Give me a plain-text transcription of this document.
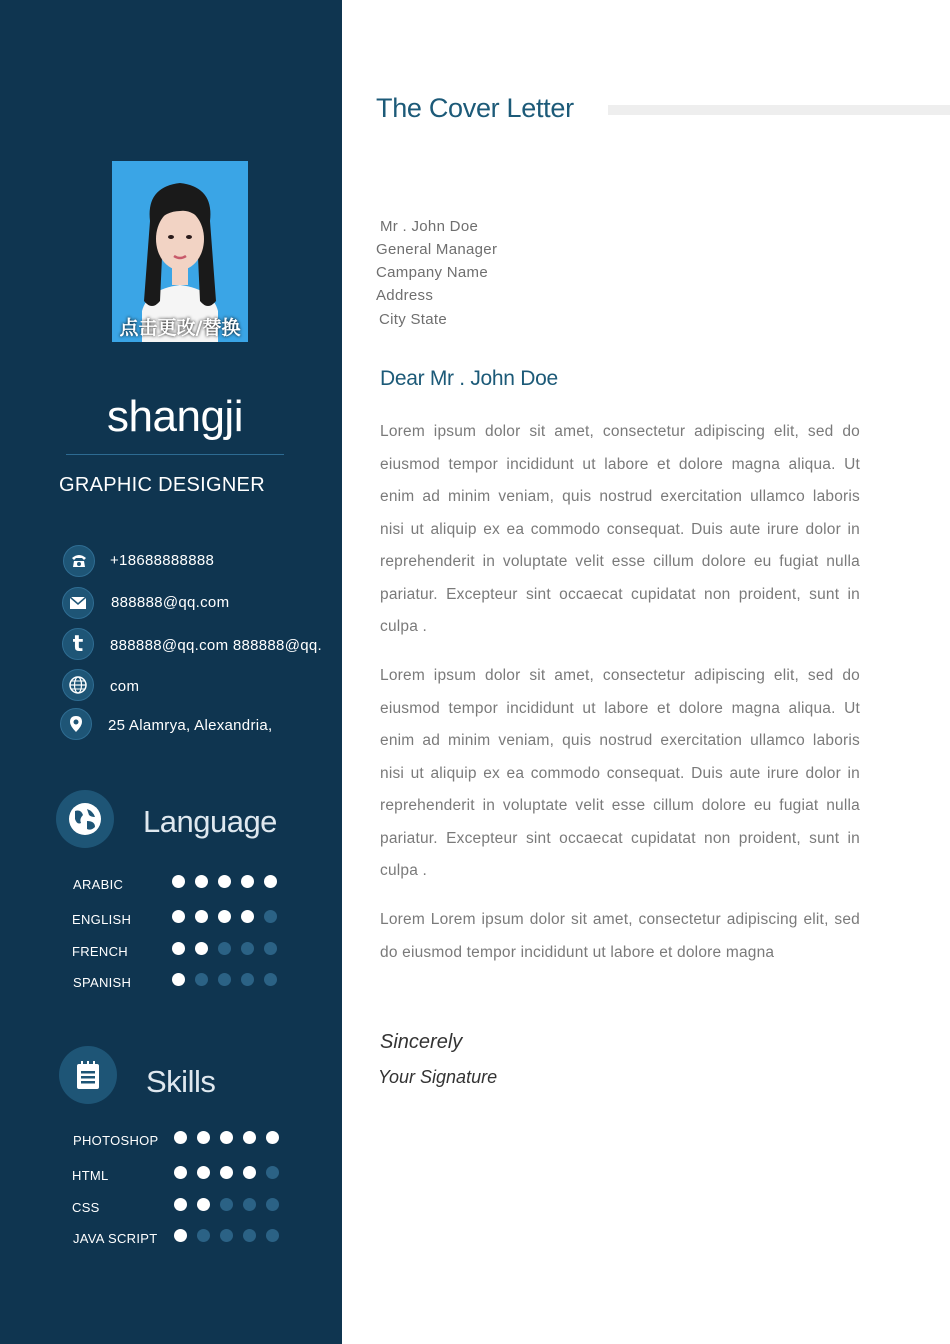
点击更改/替换
shangji
GRAPHIC DESIGNER
+18688888888
888888@qq.com
t 888888@qq.com 888888@qq.
com
25 Alamrya, Alexandria,
Language
ARABIC
ENGLISH
FRENCH
SPANISH
Skills
PHOTOSHOP
HTML
CSS
JAVA SCRIPT
The Cover Letter
Mr . John Doe
General Manager
Campany Name
Address
City State
Dear Mr . John Doe

Lorem ipsum dolor sit amet, consectetur adipiscing elit, sed do eiusmod tempor incididunt ut labore et dolore magna aliqua. Ut enim ad minim veniam, quis nostrud exercitation ullamco laboris nisi ut aliquip ex ea commodo consequat. Duis aute irure dolor in reprehenderit in voluptate velit esse cillum dolore eu fugiat nulla pariatur. Excepteur sint occaecat cupidatat non proident, sunt in culpa .

Lorem ipsum dolor sit amet, consectetur adipiscing elit, sed do eiusmod tempor incididunt ut labore et dolore magna aliqua. Ut enim ad minim veniam, quis nostrud exercitation ullamco laboris nisi ut aliquip ex ea commodo consequat. Duis aute irure dolor in reprehenderit in voluptate velit esse cillum dolore eu fugiat nulla pariatur. Excepteur sint occaecat cupidatat non proident, sunt in culpa .

Lorem Lorem ipsum dolor sit amet, consectetur adipiscing elit, sed do eiusmod tempor incididunt ut labore et dolore magna

Sincerely
Your Signature
